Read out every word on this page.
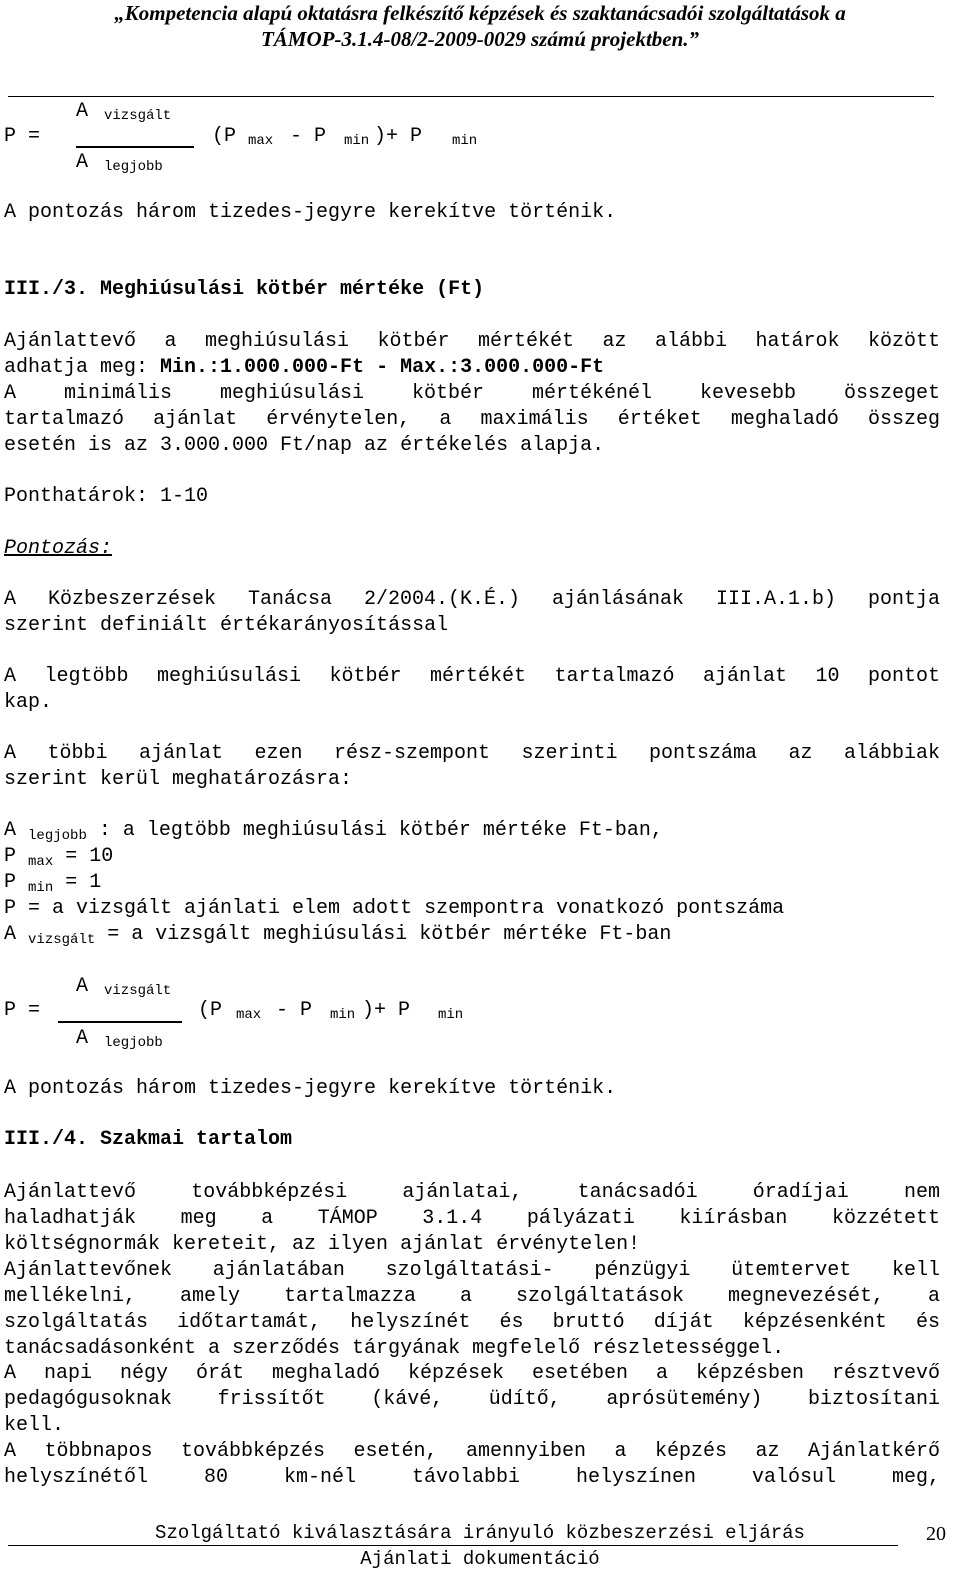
„Kompetencia alapú oktatásra felkészítő képzések és szaktanácsadói szolgáltatások a
TÁMOP-3.1.4-08/2-2009-0029 számú projektben.”
A vizsgált
P =	(P max - P min )+ P min
A legjobb
A pontozás három tizedes-jegyre kerekítve történik.
III./3. Meghiúsulási kötbér mértéke (Ft)
Ajánlattevő a meghiúsulási kötbér mértékét az alábbi határok között
adhatja meg: Min.:1.000.000-Ft - Max.:3.000.000-Ft
A minimális meghiúsulási kötbér mértékénél kevesebb összeget
tartalmazó ajánlat érvénytelen, a maximális értéket meghaladó összeg
esetén is az 3.000.000 Ft/nap az értékelés alapja.
Ponthatárok: 1-10
Pontozás:
A Közbeszerzések Tanácsa 2/2004.(K.É.) ajánlásának III.A.1.b) pontja
szerint definiált értékarányosítással
A legtöbb meghiúsulási kötbér mértékét tartalmazó ajánlat 10 pontot
kap.
A többi ajánlat ezen rész-szempont szerinti pontszáma az alábbiak
szerint kerül meghatározásra:
A $_{legjobb}$ : a legtöbb meghiúsulási kötbér mértéke Ft-ban,
P $_{max}$ = 10
P $_{min}$ = 1
P = a vizsgált ajánlati elem adott szempontra vonatkozó pontszáma
A $_{vizsgált}$ = a vizsgált meghiúsulási kötbér mértéke Ft-ban
A vizsgált
P =	(P max - P min )+ P min
A legjobb
A pontozás három tizedes-jegyre kerekítve történik.
III./4. Szakmai tartalom
Ajánlattevő továbbképzési ajánlatai, tanácsadói óradíjai nem
haladhatják meg a TÁMOP 3.1.4 pályázati kiírásban közzétett
költségnormák kereteit, az ilyen ajánlat érvénytelen!
Ajánlattevőnek ajánlatában szolgáltatási- pénzügyi ütemtervet kell
mellékelni, amely tartalmazza a szolgáltatások megnevezését, a
szolgáltatás időtartamát, helyszínét és bruttó díját képzésenként és
tanácsadásonként a szerződés tárgyának megfelelő részletességgel.
A napi négy órát meghaladó képzések esetében a képzésben résztvevő
pedagógusoknak frissítőt (kávé, üdítő, aprósütemény) biztosítani
kell.
A többnapos továbbképzés esetén, amennyiben a képzés az Ajánlatkérő
helyszínétől 80 km-nél távolabbi helyszínen valósul meg,
20
Szolgáltató kiválasztására irányuló közbeszerzési eljárás
Ajánlati dokumentáció
